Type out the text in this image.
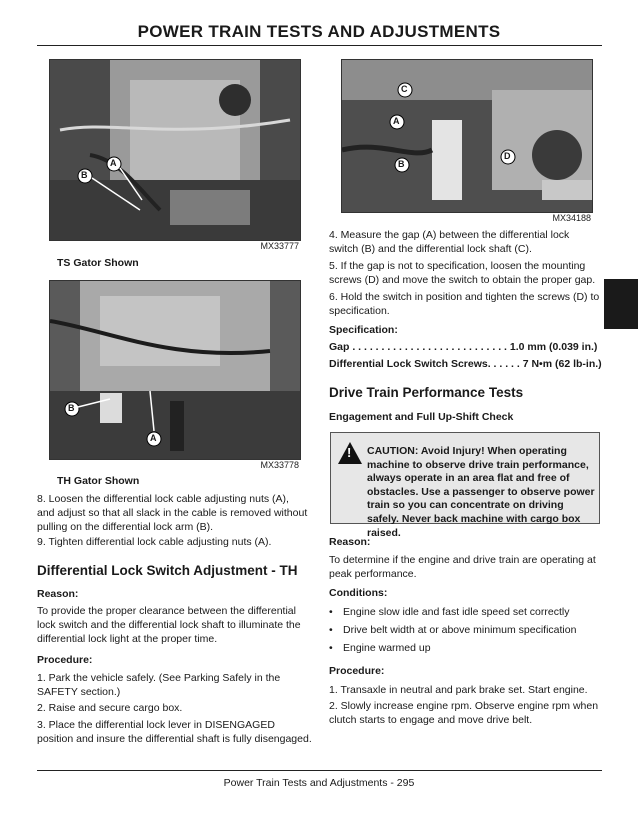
POWER TRAIN TESTS AND ADJUSTMENTS
A
B
MX33777
TS Gator Shown
B
A
MX33778
TH Gator Shown
8. Loosen the differential lock cable adjusting nuts (A), and adjust so that all slack in the cable is removed without pulling on the differential lock arm (B).
9. Tighten differential lock cable adjusting nuts (A).
Differential Lock Switch Adjustment - TH
Reason:
To provide the proper clearance between the differential lock switch and the differential lock shaft to illuminate the differential lock light at the proper time.
Procedure:
1. Park the vehicle safely. (See Parking Safely in the SAFETY section.)
2. Raise and secure cargo box.
3. Place the differential lock lever in DISENGAGED position and insure the differential shaft is fully disengaged.
C
A
B
D
MX34188
4. Measure the gap (A) between the differential lock switch (B) and the differential lock shaft (C).
5. If the gap is not to specification, loosen the mounting screws (D) and move the switch to obtain the proper gap.
6. Hold the switch in position and tighten the screws (D) to specification.
Specification:
Gap . . . . . . . . . . . . . . . . . . . . . . . . . . . 1.0 mm (0.039 in.)
Differential Lock Switch Screws. . . . . . 7 N•m (62 lb-in.)
Drive Train Performance Tests
Engagement and Full Up-Shift Check
! CAUTION: Avoid Injury! When operating machine to observe drive train performance, always operate in an area flat and free of obstacles. Use a passenger to observe power train so you can concentrate on driving safely. Never back machine with cargo box raised.
Reason:
To determine if the engine and drive train are operating at peak performance.
Conditions:
• Engine slow idle and fast idle speed set correctly
• Drive belt width at or above minimum specification
• Engine warmed up
Procedure:
1. Transaxle in neutral and park brake set. Start engine.
2. Slowly increase engine rpm. Observe engine rpm when clutch starts to engage and move drive belt.
Power Train Tests and Adjustments - 295
